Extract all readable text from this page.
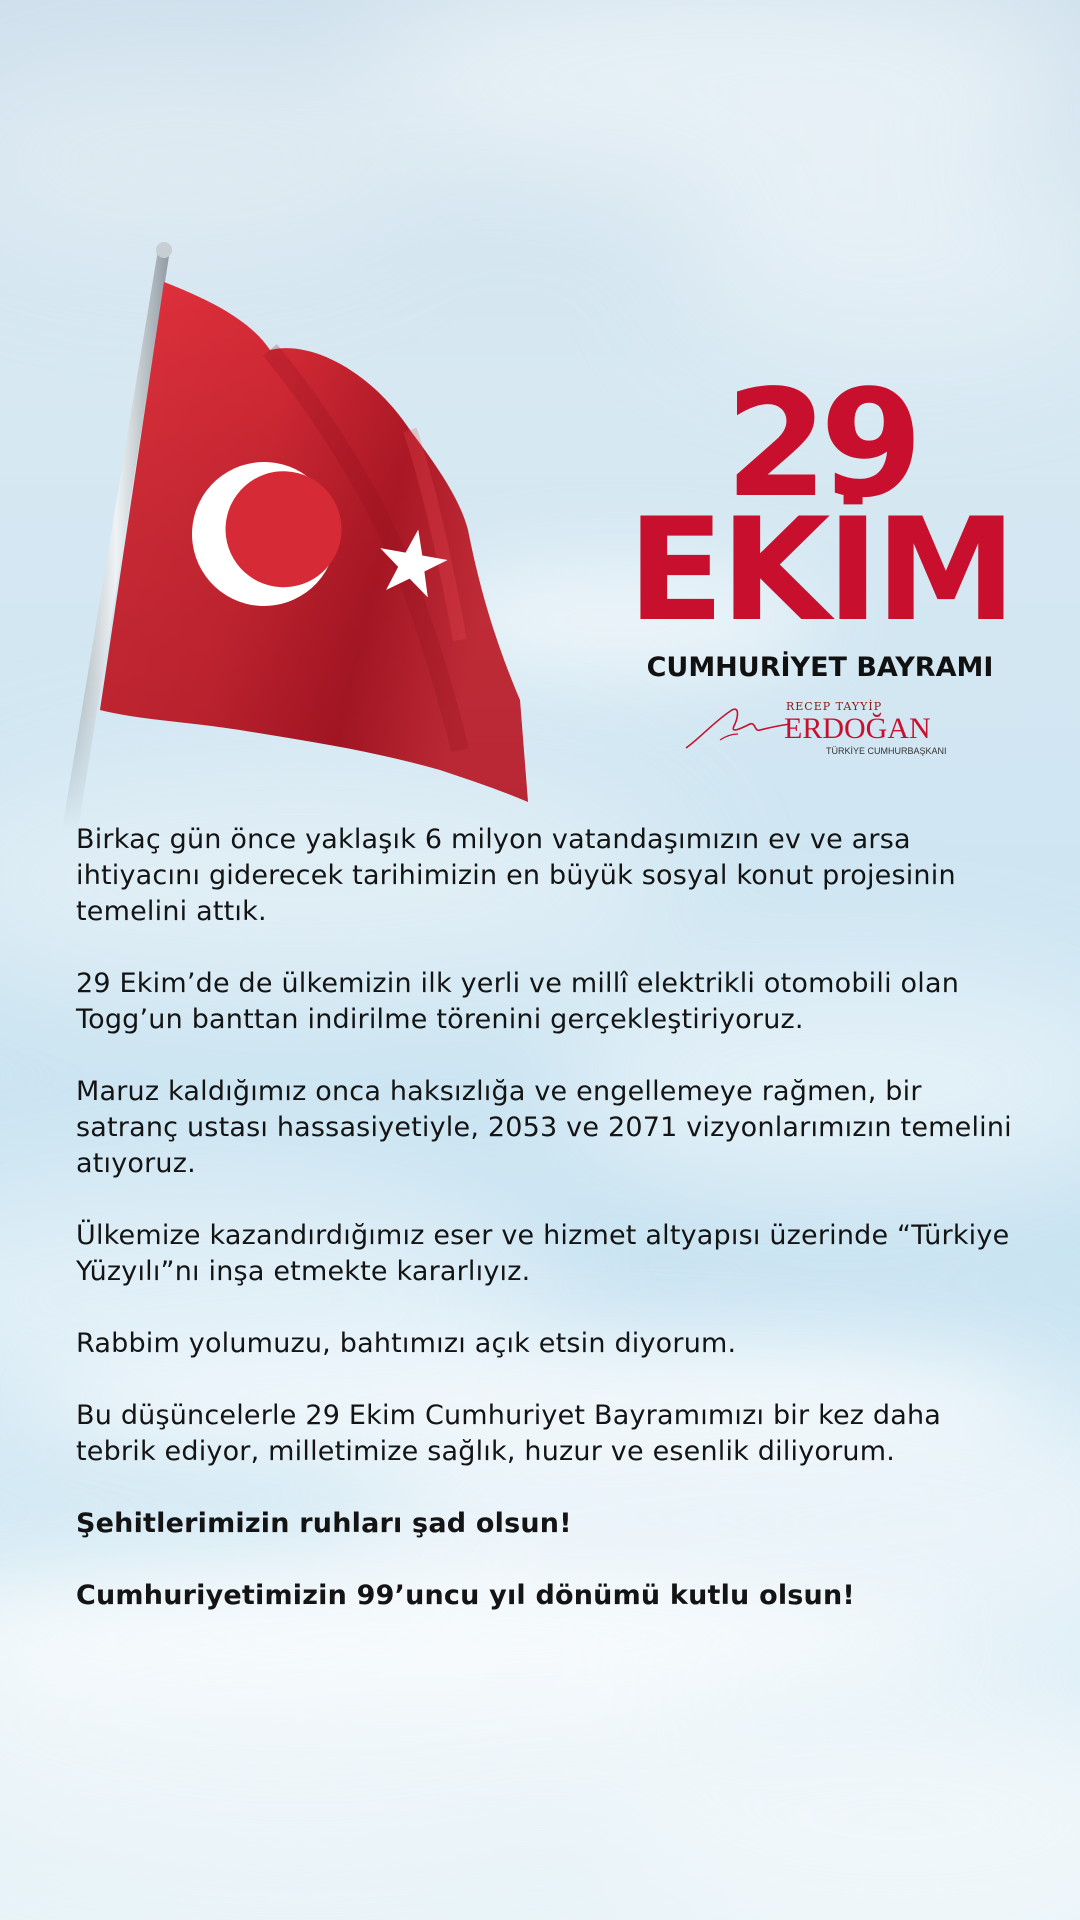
29
EKİM
CUMHURİYET BAYRAMI
RECEP TAYYİP
ERDOĞAN
TÜRKİYE CUMHURBAŞKANI

Birkaç gün önce yaklaşık 6 milyon vatandaşımızın ev ve arsa ihtiyacını giderecek tarihimizin en büyük sosyal konut projesinin temelini attık.

29 Ekim’de de ülkemizin ilk yerli ve millî elektrikli otomobili olan Togg’un banttan indirilme törenini gerçekleştiriyoruz.

Maruz kaldığımız onca haksızlığa ve engellemeye rağmen, bir satranç ustası hassasiyetiyle, 2053 ve 2071 vizyonlarımızın temelini atıyoruz.

Ülkemize kazandırdığımız eser ve hizmet altyapısı üzerinde “Türkiye Yüzyılı”nı inşa etmekte kararlıyız.

Rabbim yolumuzu, bahtımızı açık etsin diyorum.

Bu düşüncelerle 29 Ekim Cumhuriyet Bayramımızı bir kez daha tebrik ediyor, milletimize sağlık, huzur ve esenlik diliyorum.

Şehitlerimizin ruhları şad olsun!

Cumhuriyetimizin 99’uncu yıl dönümü kutlu olsun!
